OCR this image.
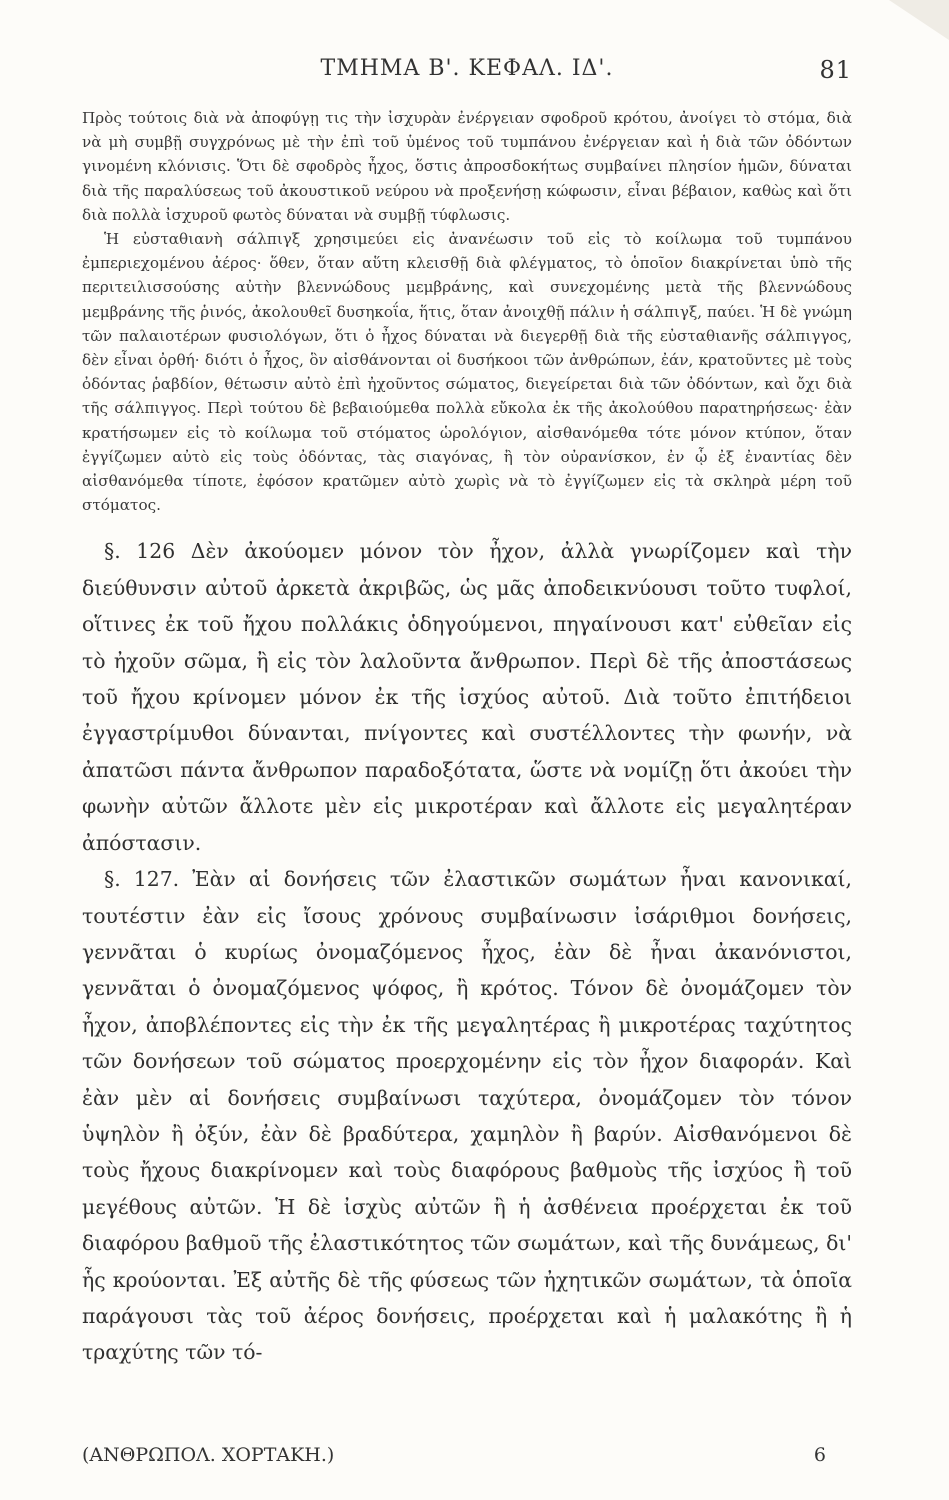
ΤΜΗΜΑ Β'. ΚΕΦΑΛ. ΙΔ'.	81

Πρὸς τούτοις διὰ νὰ ἀποφύγῃ τις τὴν ἰσχυρὰν ἐνέργειαν σφοδροῦ κρότου, ἀνοίγει τὸ στόμα, διὰ νὰ μὴ συμβῇ συγχρόνως μὲ τὴν ἐπὶ τοῦ ὑμένος τοῦ τυμπάνου ἐνέργειαν καὶ ἡ διὰ τῶν ὀδόντων γινομένη κλόνισις. Ὅτι δὲ σφοδρὸς ἦχος, ὅστις ἀπροσδοκήτως συμβαίνει πλησίον ἡμῶν, δύναται διὰ τῆς παραλύσεως τοῦ ἀκουστικοῦ νεύρου νὰ προξενήσῃ κώφωσιν, εἶναι βέβαιον, καθὼς καὶ ὅτι διὰ πολλὰ ἰσχυροῦ φωτὸς δύναται νὰ συμβῇ τύφλωσις.

Ἡ εὐσταθιανὴ σάλπιγξ χρησιμεύει εἰς ἀνανέωσιν τοῦ εἰς τὸ κοίλωμα τοῦ τυμπάνου ἐμπεριεχομένου ἀέρος· ὅθεν, ὅταν αὕτη κλεισθῇ διὰ φλέγματος, τὸ ὁποῖον διακρίνεται ὑπὸ τῆς περιτειλισσούσης αὐτὴν βλεννώδους μεμβράνης, καὶ συνεχομένης μετὰ τῆς βλεννώδους μεμβράνης τῆς ῥινός, ἀκολουθεῖ δυσηκοΐα, ἥτις, ὅταν ἀνοιχθῇ πάλιν ἡ σάλπιγξ, παύει. Ἡ δὲ γνώμη τῶν παλαιοτέρων φυσιολόγων, ὅτι ὁ ἦχος δύναται νὰ διεγερθῇ διὰ τῆς εὐσταθιανῆς σάλπιγγος, δὲν εἶναι ὀρθή· διότι ὁ ἦχος, ὃν αἰσθάνονται οἱ δυσήκοοι τῶν ἀνθρώπων, ἐάν, κρατοῦντες μὲ τοὺς ὀδόντας ῥαβδίον, θέτωσιν αὐτὸ ἐπὶ ἠχοῦντος σώματος, διεγείρεται διὰ τῶν ὀδόντων, καὶ ὄχι διὰ τῆς σάλπιγγος. Περὶ τούτου δὲ βεβαιούμεθα πολλὰ εὔκολα ἐκ τῆς ἀκολούθου παρατηρήσεως· ἐὰν κρατήσωμεν εἰς τὸ κοίλωμα τοῦ στόματος ὡρολόγιον, αἰσθανόμεθα τότε μόνον κτύπον, ὅταν ἐγγίζωμεν αὐτὸ εἰς τοὺς ὀδόντας, τὰς σιαγόνας, ἢ τὸν οὐρανίσκον, ἐν ᾧ ἐξ ἐναντίας δὲν αἰσθανόμεθα τίποτε, ἐφόσον κρατῶμεν αὐτὸ χωρὶς νὰ τὸ ἐγγίζωμεν εἰς τὰ σκληρὰ μέρη τοῦ στόματος.

§. 126 Δὲν ἀκούομεν μόνον τὸν ἦχον, ἀλλὰ γνωρίζομεν καὶ τὴν διεύθυνσιν αὐτοῦ ἀρκετὰ ἀκριβῶς, ὡς μᾶς ἀποδεικνύουσι τοῦτο τυφλοί, οἵτινες ἐκ τοῦ ἤχου πολλάκις ὁδηγούμενοι, πηγαίνουσι κατ' εὐθεῖαν εἰς τὸ ἠχοῦν σῶμα, ἢ εἰς τὸν λαλοῦντα ἄνθρωπον. Περὶ δὲ τῆς ἀποστάσεως τοῦ ἤχου κρίνομεν μόνον ἐκ τῆς ἰσχύος αὐτοῦ. Διὰ τοῦτο ἐπιτήδειοι ἐγγαστρίμυθοι δύνανται, πνίγοντες καὶ συστέλλοντες τὴν φωνήν, νὰ ἀπατῶσι πάντα ἄνθρωπον παραδοξότατα, ὥστε νὰ νομίζῃ ὅτι ἀκούει τὴν φωνὴν αὐτῶν ἄλλοτε μὲν εἰς μικροτέραν καὶ ἄλλοτε εἰς μεγαλητέραν ἀπόστασιν.

§. 127. Ἐὰν αἱ δονήσεις τῶν ἐλαστικῶν σωμάτων ἦναι κανονικαί, τουτέστιν ἐὰν εἰς ἴσους χρόνους συμβαίνωσιν ἰσάριθμοι δονήσεις, γεννᾶται ὁ κυρίως ὀνομαζόμενος ἦχος, ἐὰν δὲ ἦναι ἀκανόνιστοι, γεννᾶται ὁ ὀνομαζόμενος ψόφος, ἢ κρότος. Τόνον δὲ ὀνομάζομεν τὸν ἦχον, ἀποβλέποντες εἰς τὴν ἐκ τῆς μεγαλητέρας ἢ μικροτέρας ταχύτητος τῶν δονήσεων τοῦ σώματος προερχομένην εἰς τὸν ἦχον διαφοράν. Καὶ ἐὰν μὲν αἱ δονήσεις συμβαίνωσι ταχύτερα, ὀνομάζομεν τὸν τόνον ὑψηλὸν ἢ ὀξύν, ἐὰν δὲ βραδύτερα, χαμηλὸν ἢ βαρύν. Αἰσθανόμενοι δὲ τοὺς ἤχους διακρίνομεν καὶ τοὺς διαφόρους βαθμοὺς τῆς ἰσχύος ἢ τοῦ μεγέθους αὐτῶν. Ἡ δὲ ἰσχὺς αὐτῶν ἢ ἡ ἀσθένεια προέρχεται ἐκ τοῦ διαφόρου βαθμοῦ τῆς ἐλαστικότητος τῶν σωμάτων, καὶ τῆς δυνάμεως, δι' ἧς κρούονται. Ἐξ αὐτῆς δὲ τῆς φύσεως τῶν ἠχητικῶν σωμάτων, τὰ ὁποῖα παράγουσι τὰς τοῦ ἀέρος δονήσεις, προέρχεται καὶ ἡ μαλακότης ἢ ἡ τραχύτης τῶν τό-

(ΑΝΘΡΩΠΟΛ. ΧΟΡΤΑΚΗ.)	6
